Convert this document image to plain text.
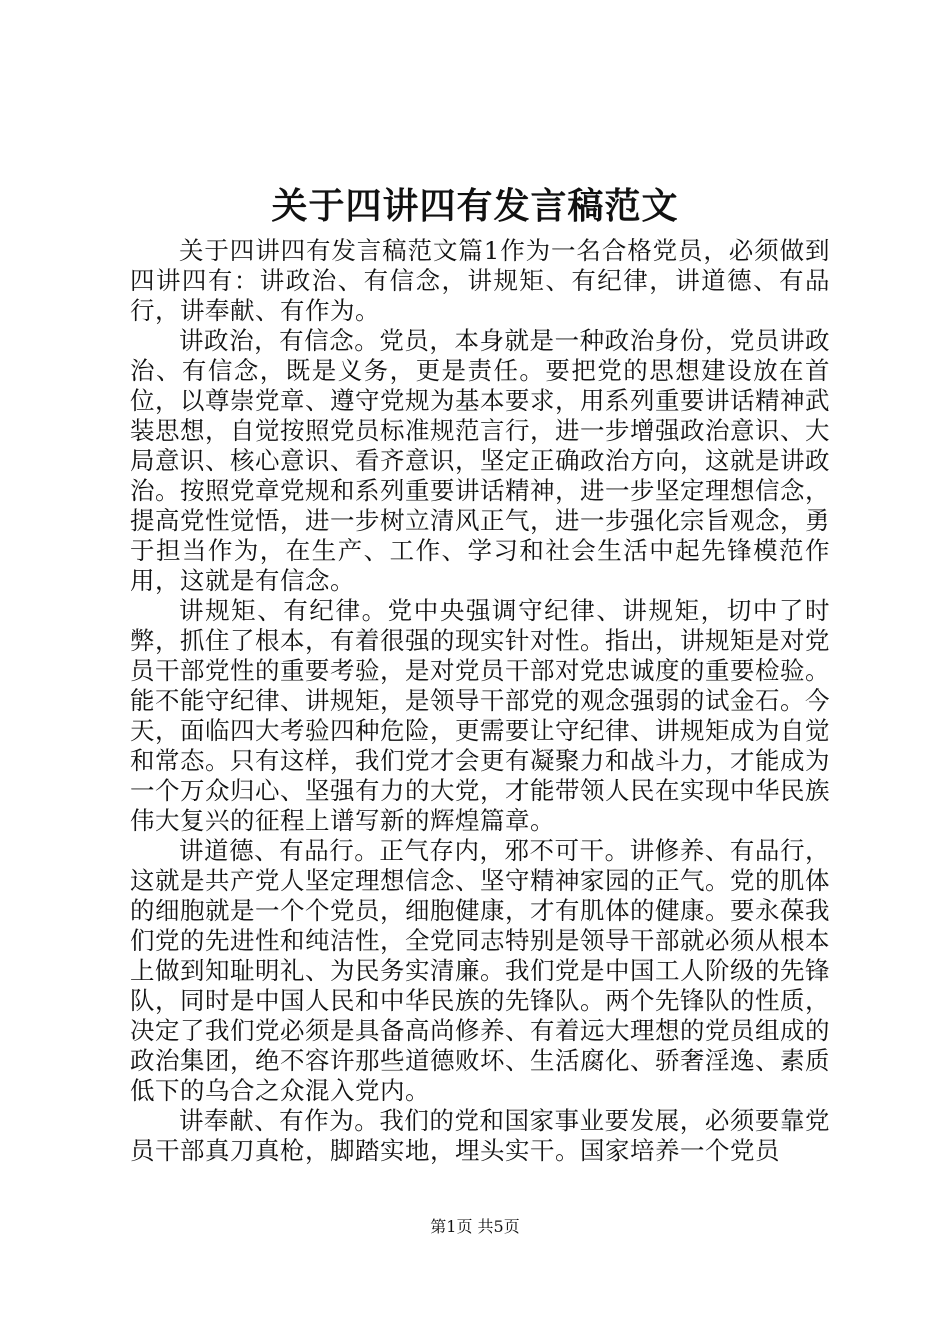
关于四讲四有发言稿范文

关于四讲四有发言稿范文篇1作为一名合格党员，必须做到四讲四有：讲政治、有信念，讲规矩、有纪律，讲道德、有品行，讲奉献、有作为。

讲政治，有信念。党员，本身就是一种政治身份，党员讲政治、有信念，既是义务，更是责任。要把党的思想建设放在首位，以尊崇党章、遵守党规为基本要求，用系列重要讲话精神武装思想，自觉按照党员标准规范言行，进一步增强政治意识、大局意识、核心意识、看齐意识，坚定正确政治方向，这就是讲政治。按照党章党规和系列重要讲话精神，进一步坚定理想信念，提高党性觉悟，进一步树立清风正气，进一步强化宗旨观念，勇于担当作为，在生产、工作、学习和社会生活中起先锋模范作用，这就是有信念。

讲规矩、有纪律。党中央强调守纪律、讲规矩，切中了时弊，抓住了根本，有着很强的现实针对性。指出，讲规矩是对党员干部党性的重要考验，是对党员干部对党忠诚度的重要检验。能不能守纪律、讲规矩，是领导干部党的观念强弱的试金石。今天，面临四大考验四种危险，更需要让守纪律、讲规矩成为自觉和常态。只有这样，我们党才会更有凝聚力和战斗力，才能成为一个万众归心、坚强有力的大党，才能带领人民在实现中华民族伟大复兴的征程上谱写新的辉煌篇章。

讲道德、有品行。正气存内，邪不可干。讲修养、有品行，这就是共产党人坚定理想信念、坚守精神家园的正气。党的肌体的细胞就是一个个党员，细胞健康，才有肌体的健康。要永葆我们党的先进性和纯洁性，全党同志特别是领导干部就必须从根本上做到知耻明礼、为民务实清廉。我们党是中国工人阶级的先锋队，同时是中国人民和中华民族的先锋队。两个先锋队的性质，决定了我们党必须是具备高尚修养、有着远大理想的党员组成的政治集团，绝不容许那些道德败坏、生活腐化、骄奢淫逸、素质低下的乌合之众混入党内。

讲奉献、有作为。我们的党和国家事业要发展，必须要靠党员干部真刀真枪，脚踏实地，埋头实干。国家培养一个党员

第1页 共5页
